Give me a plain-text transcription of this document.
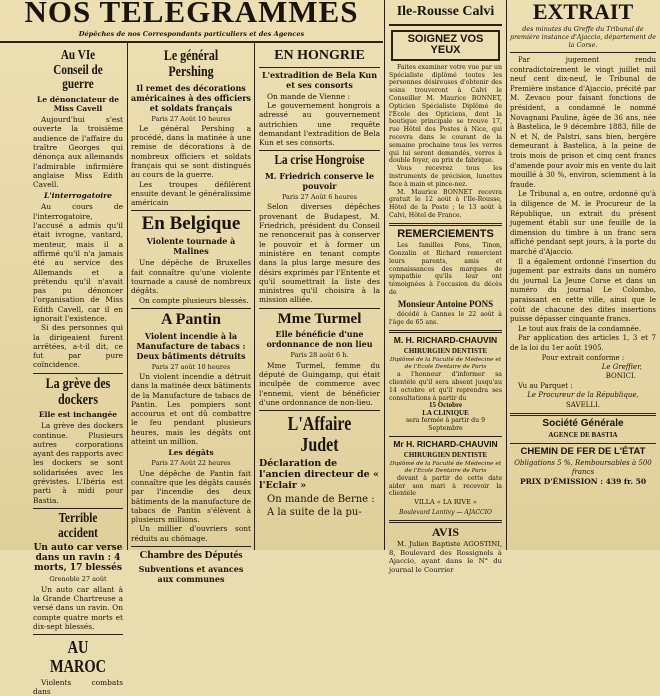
NOS TELEGRAMMES
Dépêches de nos Correspondants particuliers et des Agences
Au VIe Conseil de guerre
Le dénonciateur de Miss Cavell

Aujourd'hui s'est ouverte la troisième audience de l'affaire du traître Georges qui dénonça aux allemands l'admirable infirmière anglaise Miss Edith Cavell.

L'interrogatoire

Au cours de l'interrogatoire, l'accusé a admis qu'il était ivrogne, vantard, menteur, mais il a affirmé qu'il n'a jamais été au service des Allemands et a prétendu qu'il n'avait pas pu dénoncer l'organisation de Miss Edith Cavell, car il en ignorait l'existence.

Si des personnes qui la dirigeaient furent arrêtées, a-t-il dit, ce fut par pure coïncidence.

La grève des dockers
Elle est inchangée

La grève des dockers continue. Plusieurs autres corporations ayant des rapports avec les dockers se sont solidarisées avec les grévistes. L'Ibéria est parti à midi pour Bastia.

Terrible accident
Un auto car verse dans un ravin : 4 morts, 17 blessés

Grenoble 27 août

Un auto car allant à la Grande Chartreuse a versé dans un ravin. On compte quatre morts et dix-sept blessés.

AU MAROC

Violents combats dans

Le général Pershing
Il remet des décorations américaines à des officiers et soldats français

Paris 27 Août 10 heures

Le général Pershing a procédé, dans la matinée à une remise de décorations à de nombreux officiers et soldats français qui se sont distingués au cours de la guerre.

Les troupes défilèrent ensuite devant le généralissime américain

En Belgique
Violente tournade à Malines

Une dépêche de Bruxelles fait connaître qu'une violente tournade a causé de nombreux dégâts.

On compte plusieurs blessés.

A Pantin
Violent incendie à la Manufacture de tabacs : Deux bâtiments détruits

Paris 27 août 10 heures

Un violent incendie a détruit dans la matinée deux bâtiments de la Manufacture de tabacs de Pantin. Les pompiers sont accourus et ont dû combattre le feu pendant plusieurs heures, mais les dégâts ont atteint un million.

Les dégâts

Paris 27 Août 22 heures

Une dépêche de Pantin fait connaître que les dégâts causés par l'incendie des deux bâtiments de la manufacture de tabacs de Pantin s'élèvent à plusieurs millions.

Un millier d'ouvriers sont réduits au chômage.

Chambre des Députés
Subventions et avances aux communes
EN HONGRIE
L'extradition de Bela Kun et ses consorts

On mande de Vienne :

Le gouvernement hongrois a adressé au gouvernement autrichien une requête demandant l'extradition de Bela Kun et ses consorts.

La crise Hongroise
M. Friedrich conserve le pouvoir

Paris 27 Août 6 heures

Selon diverses dépêches provenant de Budapest, M. Friedrich, président du Conseil ne renoncerait pas à conserver le pouvoir et à former un ministère en tenant compte dans la plus large mesure des désirs exprimés par l'Entente et qu'il soumettrait la liste des ministres qu'il choisira à la mission alliée.

Mme Turmel
Elle bénéficie d'une ordonnance de non lieu

Paris 28 août 6 h.

Mme Turmel, femme du député de Guingamp, qui était inculpée de commerce avec l'ennemi, vient de bénéficier d'une ordonnance de non-lieu.

L'Affaire Judet
Déclaration de l'ancien directeur de « l'Eclair »

On mande de Berne :

A la suite de la pu-

Ile-Rousse Calvi
SOIGNEZ VOS YEUX

Faites examiner votre vue par un Spécialiste diplômé toutes les personnes désireuses d'obtenir des soins trouveront à Calvi le Conseiller M. Maurice BONNET, Opticien Spécialiste Diplômé de l'Ecole des Opticiens, dont la boutique principale se trouve 17, rue Hôtel des Postes à Nice, qui recevra dans le courant de la semaine prochaine tous les verres qui lui seront demandés, verres à double foyer, au prix de fabrique.

Vous recevrez tous les instruments de précision, lunettes face à main et pince-nez.

M. Maurice BONNET recevra gratuit le 12 août à l'Ile-Rousse, Hôtel de la Poste ; le 13 août à Calvi, Hôtel de France.

REMERCIEMENTS

Les familles Pons, Tinon, Gonzalin et Richard remercient leurs parents, amis et connaissances des marques de sympathie qu'ils leur ont témoignées à l'occasion du décès de

Monsieur Antoine PONS

décédé à Cannes le 22 août à l'âge de 65 ans.

M. H. RICHARD-CHAUVIN
CHIRURGIEN DENTISTE

Diplômé de la Faculté de Médecine et de l'Ecole Dentaire de Paris

a l'honneur d'informer sa clientèle qu'il sera absent jusqu'au 14 octobre et qu'il reprendra ses consultations à partir du

15 Octobre
LA CLINIQUE

sera fermée à partir du 9 Septembre

Mr H. RICHARD-CHAUVIN
CHIRURGIEN DENTISTE

Diplômé de la Faculté de Médecine et de l'Ecole Dentaire de Paris

devant à partir de cette date aider son mari à recevoir la clientèle

VILLA « LA RIVE »

Boulevard Lantivy — AJACCIO

AVIS

M. Julien Baptiste AGOSTINI, 8, Boulevard des Rossignols à Ajaccio, ayant dans le N° du journal le Courrier

EXTRAIT

des minutes du Greffe du Tribunal de première instance d'Ajaccio, département de la Corse.

Par jugement rendu contradictoirement le vingt juillet mil neuf cent dix-neuf, le Tribunal de Première instance d'Ajaccio, précité par M. Zevaco pour faisant fonctions de président, a condamné le nommé Novagnani Pauline, âgée de 36 ans, née à Bastelica, le 9 décembre 1883, fille de N et N, de Palstri, sans bien, bergère demeurant à Bastelica, à la peine de trois mois de prison et cinq cent francs d'amende pour avoir mis en vente du lait mouillé à 30 %, environ, sciemment à la fraude.

Le Tribunal a, en outre, ordonné qu'à la diligence de M. le Procureur de la République, un extrait du présent jugement établi sur une feuille de la dimension du timbre à un franc sera affiché pendant sept jours, à la porte du marché d'Ajaccio.

Il a également ordonné l'insertion du jugement par extraits dans un numéro du journal La Jeune Corse et dans un numéro du journal Le Colombo, paraissant en cette ville, ainsi que le coût de chacune des dites insertions puisse dépasser cinquante francs.

Le tout aux frais de la condamnée.

Par application des articles 1, 3 et 7 de la loi du 1er août 1905.

Pour extrait conforme :

Le Greffier,

BONICI.

Vu au Parquet :

Le Procureur de la République,

SAVELLI.

Société Générale
AGENCE DE BASTIA
CHEMIN DE FER DE L'ÉTAT

Obligations 5 %, Remboursables à 500 francs

PRIX D'ÉMISSION : 439 fr. 50
